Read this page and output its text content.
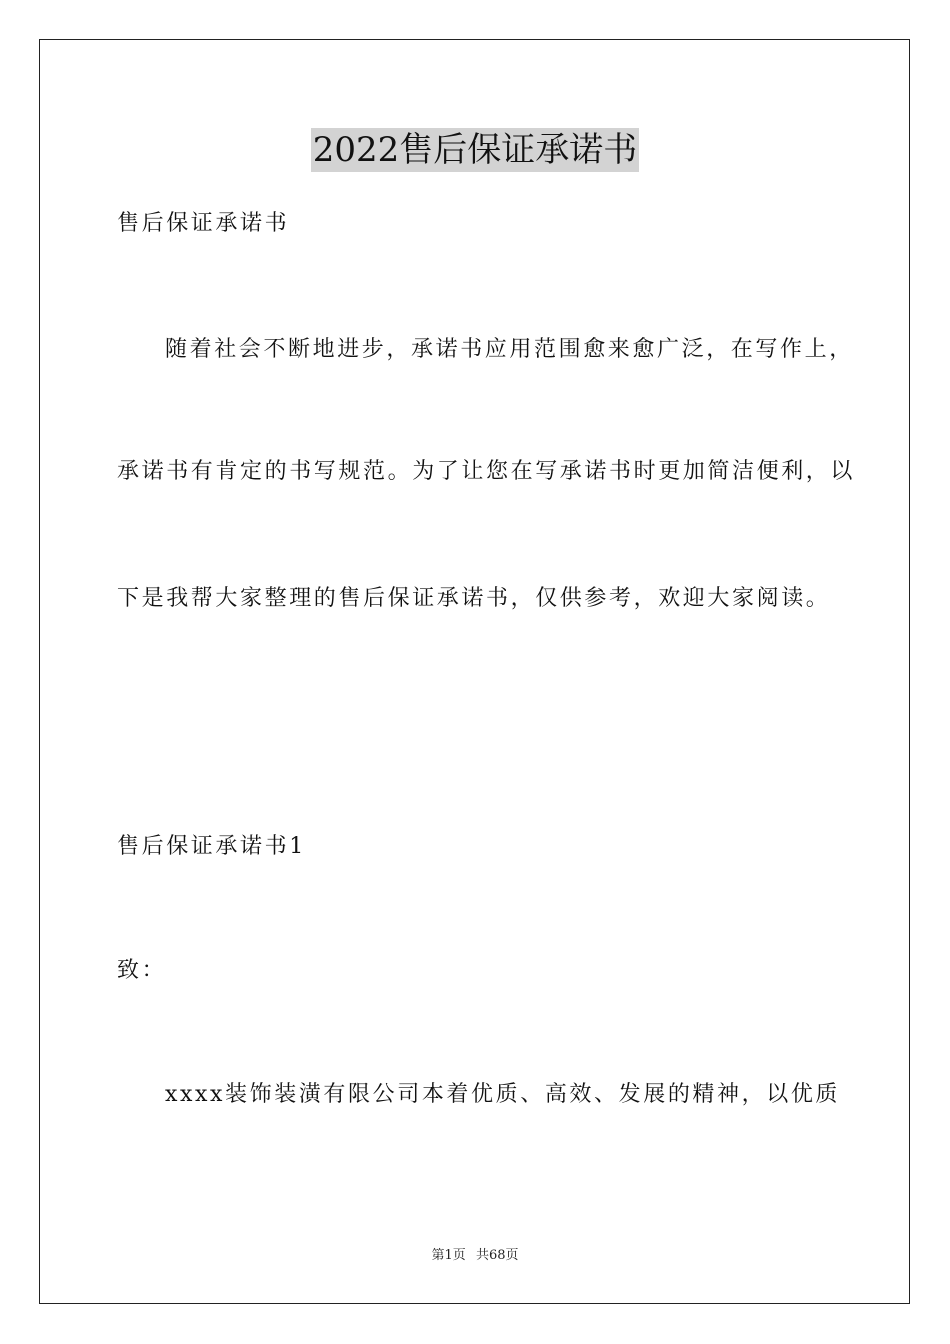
2022售后保证承诺书
售后保证承诺书
随着社会不断地进步，承诺书应用范围愈来愈广泛，在写作上，
承诺书有肯定的书写规范。为了让您在写承诺书时更加简洁便利，以
下是我帮大家整理的售后保证承诺书，仅供参考，欢迎大家阅读。
售后保证承诺书1
致：
xxxx装饰装潢有限公司本着优质、高效、发展的精神，以优质
第1页 共68页
